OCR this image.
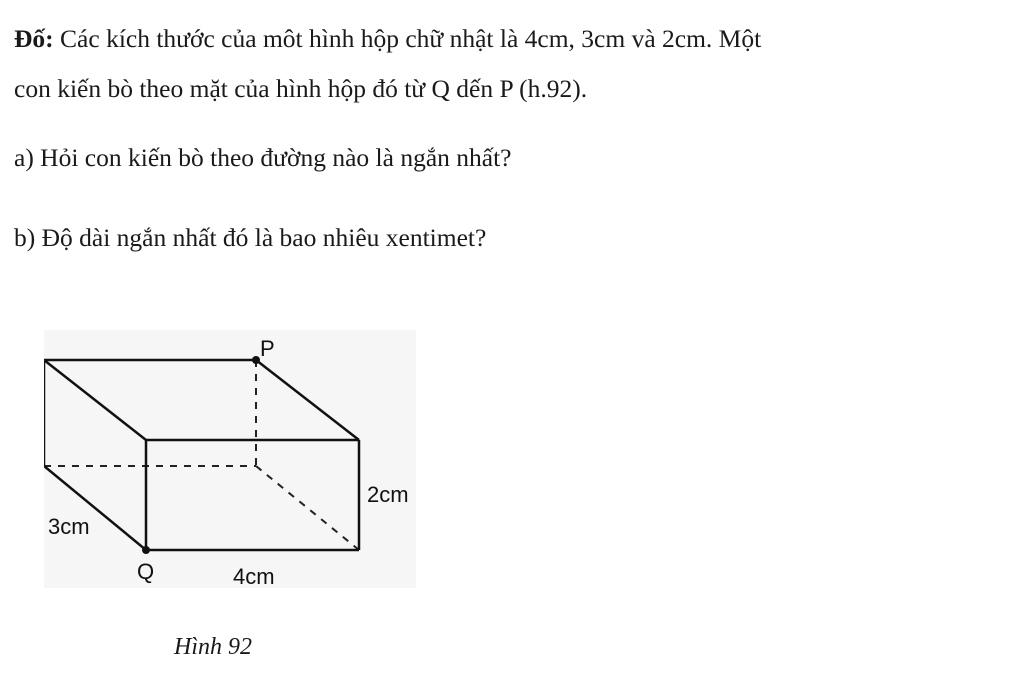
Đố: Các kích thước của môt hình hộp chữ nhật là 4cm, 3cm và 2cm. Một
con kiến bò theo mặt của hình hộp đó từ Q dến P (h.92).
a) Hỏi con kiến bò theo đường nào là ngắn nhất?
b) Độ dài ngắn nhất đó là bao nhiêu xentimet?
P
2cm
3cm
Q	4cm
Hình 92
